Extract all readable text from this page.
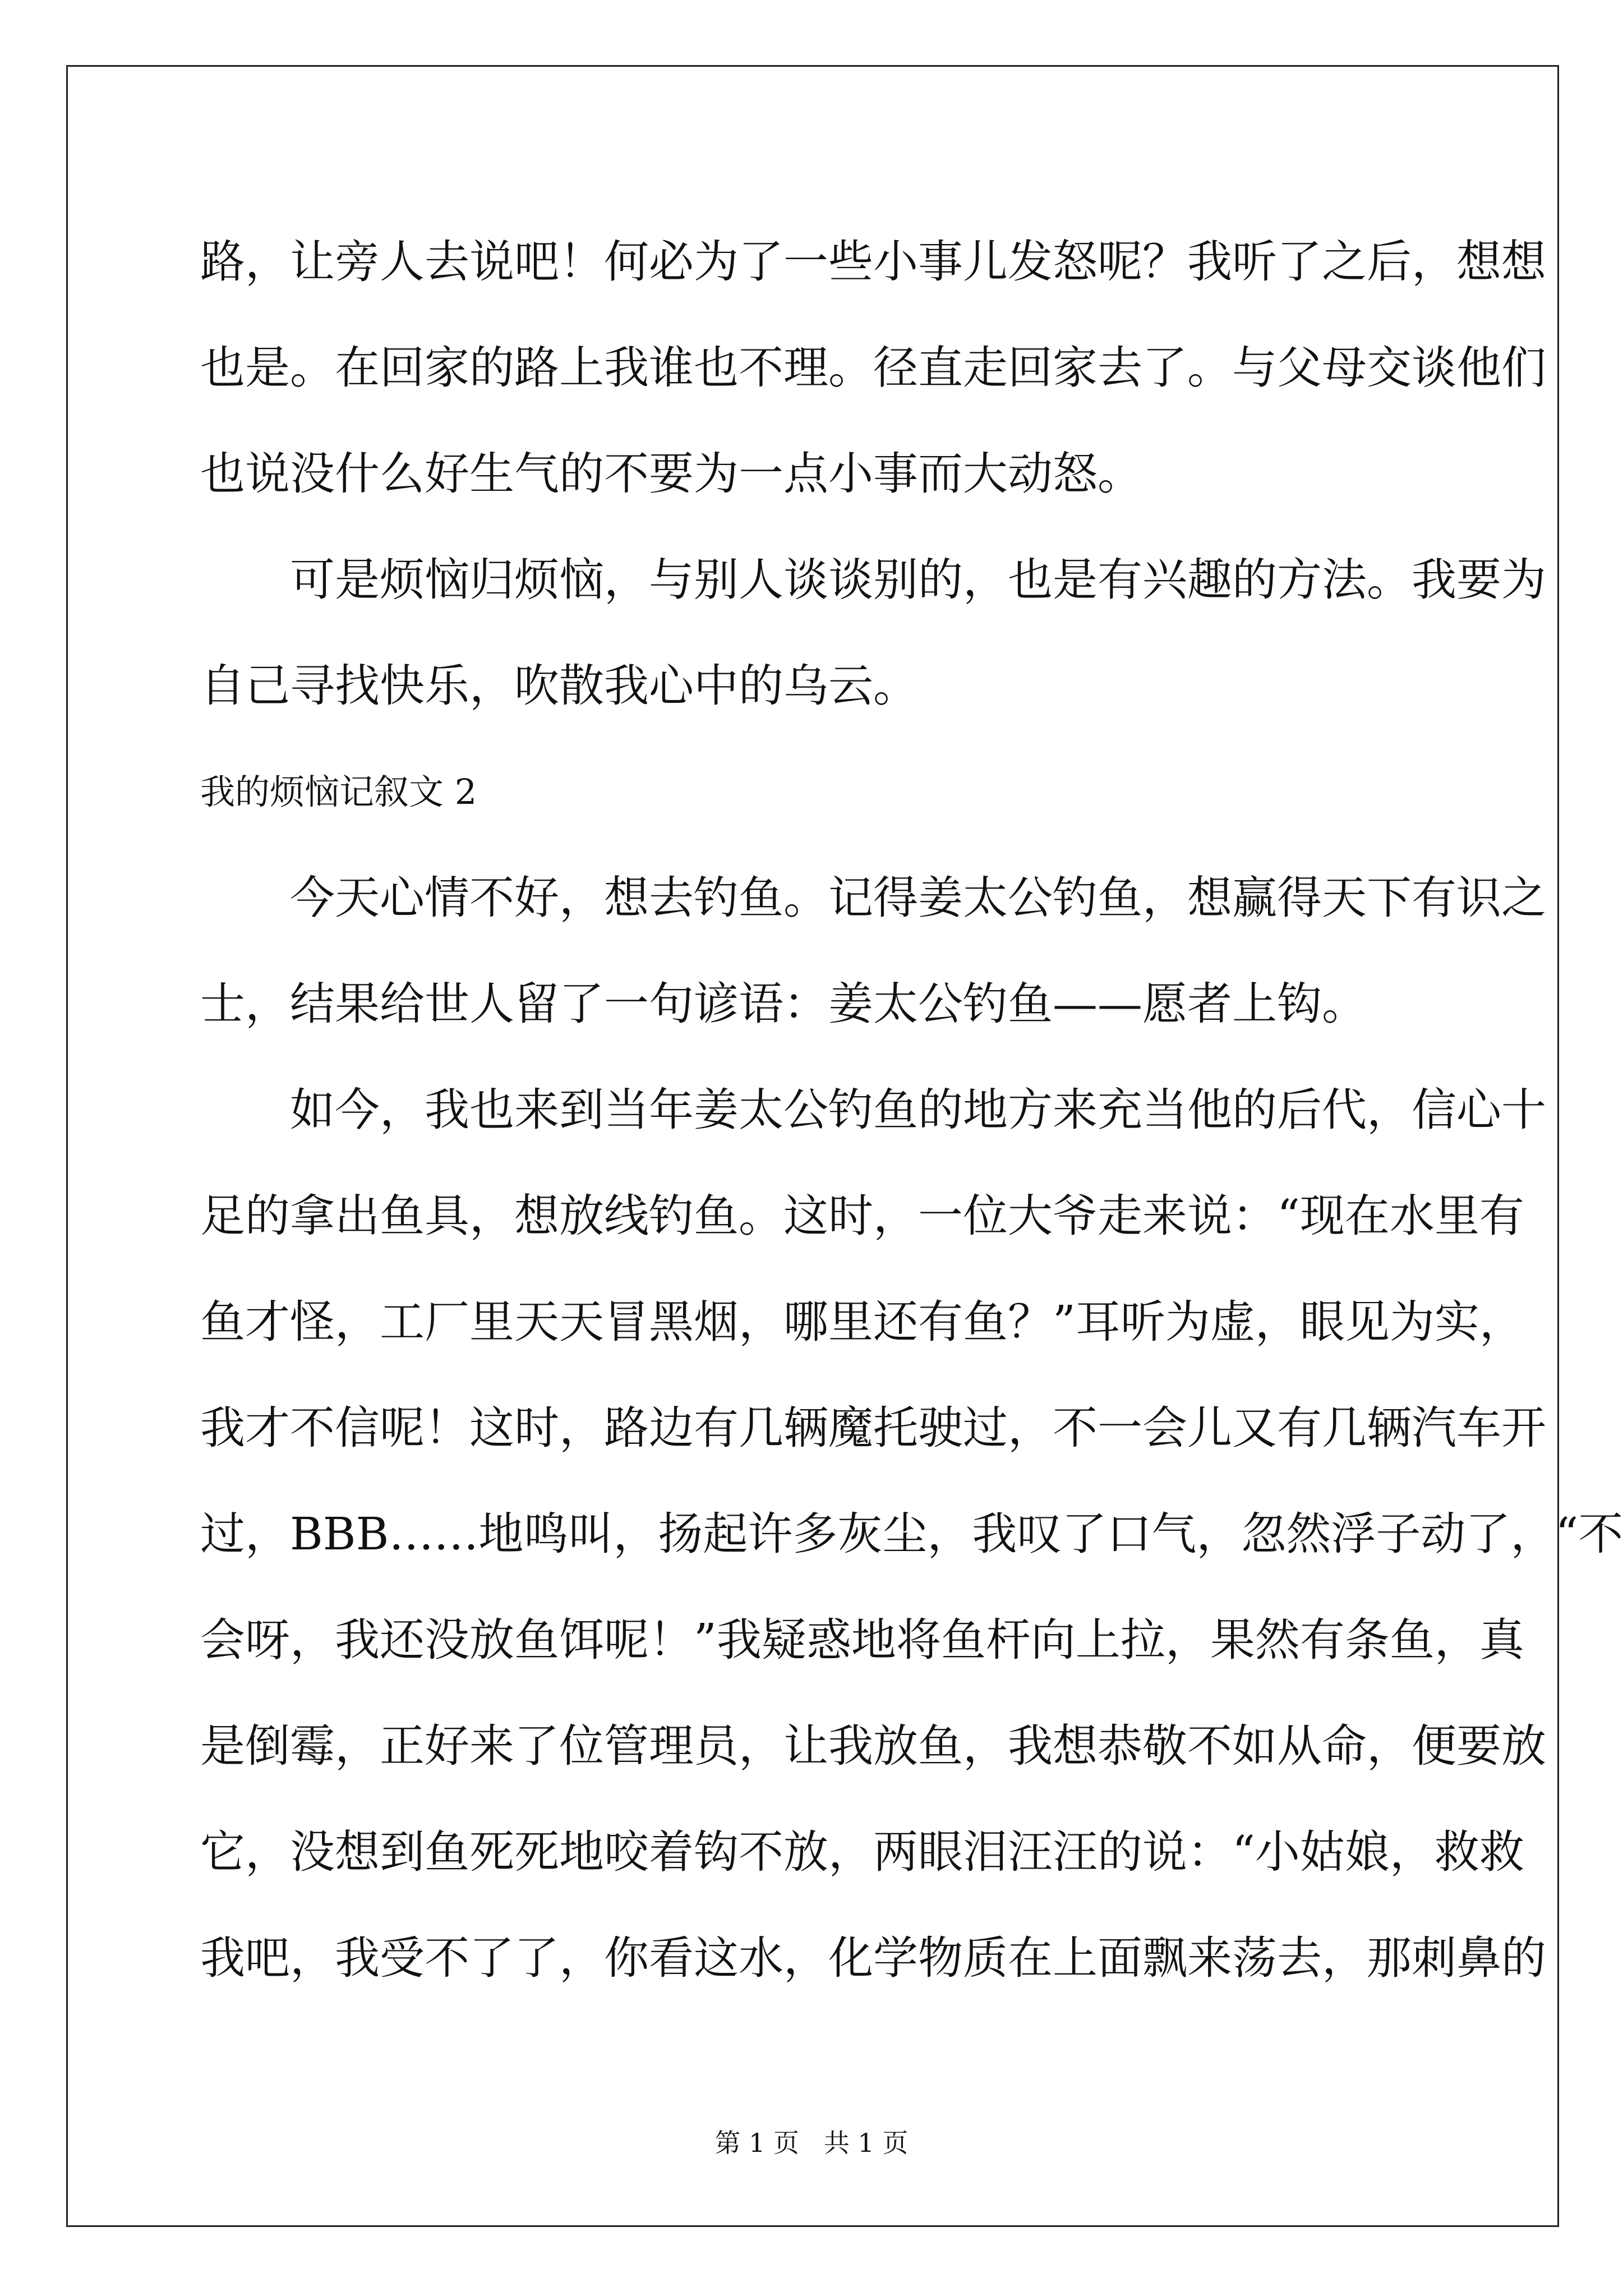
路，让旁人去说吧！何必为了一些小事儿发怒呢？我听了之后，想想
也是。在回家的路上我谁也不理。径直走回家去了。与父母交谈他们
也说没什么好生气的不要为一点小事而大动怒。
可是烦恼归烦恼，与别人谈谈别的，也是有兴趣的方法。我要为
自己寻找快乐，吹散我心中的乌云。
我的烦恼记叙文 2
今天心情不好，想去钓鱼。记得姜太公钓鱼，想赢得天下有识之
士，结果给世人留了一句谚语：姜太公钓鱼——愿者上钩。
如今，我也来到当年姜太公钓鱼的地方来充当他的后代，信心十
足的拿出鱼具，想放线钓鱼。这时，一位大爷走来说：“现在水里有
鱼才怪，工厂里天天冒黑烟，哪里还有鱼？”耳听为虚，眼见为实，
我才不信呢！这时，路边有几辆魔托驶过，不一会儿又有几辆汽车开
过，BBB……地鸣叫，扬起许多灰尘，我叹了口气，忽然浮子动了，“不
会呀，我还没放鱼饵呢！”我疑惑地将鱼杆向上拉，果然有条鱼，真
是倒霉，正好来了位管理员，让我放鱼，我想恭敬不如从命，便要放
它，没想到鱼死死地咬着钩不放，两眼泪汪汪的说：“小姑娘，救救
我吧，我受不了了，你看这水，化学物质在上面飘来荡去，那刺鼻的
第 1 页   共 1 页
